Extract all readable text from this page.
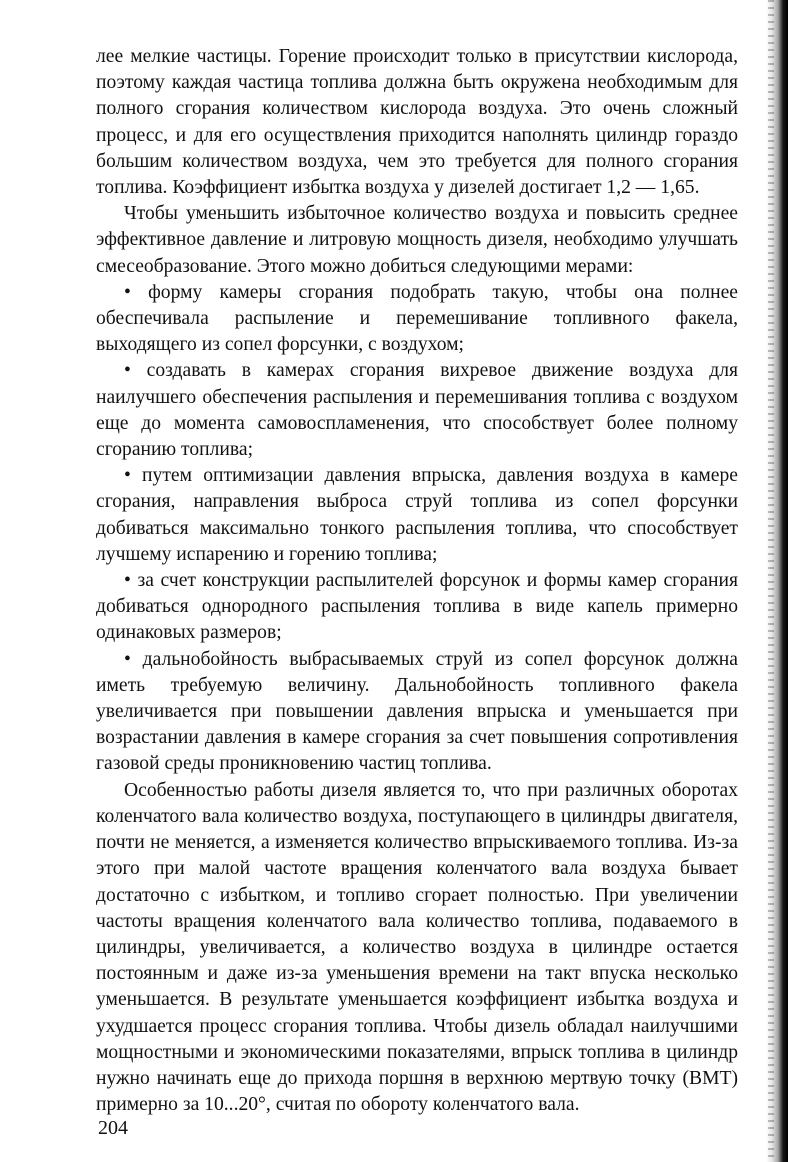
лее мелкие частицы. Горение происходит только в присутствии кислорода, поэтому каждая частица топлива должна быть окружена необходимым для полного сгорания количеством кислорода воздуха. Это очень сложный процесс, и для его осуществления приходится наполнять цилиндр гораздо большим количеством воздуха, чем это требуется для полного сгорания топлива. Коэффициент избытка воздуха у дизелей достигает 1,2 — 1,65.

Чтобы уменьшить избыточное количество воздуха и повысить среднее эффективное давление и литровую мощность дизеля, необходимо улучшать смесеобразование. Этого можно добиться следующими мерами:

• форму камеры сгорания подобрать такую, чтобы она полнее обеспечивала распыление и перемешивание топливного факела, выходящего из сопел форсунки, с воздухом;

• создавать в камерах сгорания вихревое движение воздуха для наилучшего обеспечения распыления и перемешивания топлива с воздухом еще до момента самовоспламенения, что способствует более полному сгоранию топлива;

• путем оптимизации давления впрыска, давления воздуха в камере сгорания, направления выброса струй топлива из сопел форсунки добиваться максимально тонкого распыления топлива, что способствует лучшему испарению и горению топлива;

• за счет конструкции распылителей форсунок и формы камер сгорания добиваться однородного распыления топлива в виде капель примерно одинаковых размеров;

• дальнобойность выбрасываемых струй из сопел форсунок должна иметь требуемую величину. Дальнобойность топливного факела увеличивается при повышении давления впрыска и уменьшается при возрастании давления в камере сгорания за счет повышения сопротивления газовой среды проникновению частиц топлива.

Особенностью работы дизеля является то, что при различных оборотах коленчатого вала количество воздуха, поступающего в цилиндры двигателя, почти не меняется, а изменяется количество впрыскиваемого топлива. Из-за этого при малой частоте вращения коленчатого вала воздуха бывает достаточно с избытком, и топливо сгорает полностью. При увеличении частоты вращения коленчатого вала количество топлива, подаваемого в цилиндры, увеличивается, а количество воздуха в цилиндре остается постоянным и даже из-за уменьшения времени на такт впуска несколько уменьшается. В результате уменьшается коэффициент избытка воздуха и ухудшается процесс сгорания топлива. Чтобы дизель обладал наилучшими мощностными и экономическими показателями, впрыск топлива в цилиндр нужно начинать еще до прихода поршня в верхнюю мертвую точку (ВМТ) примерно за 10...20°, считая по обороту коленчатого вала.

204
